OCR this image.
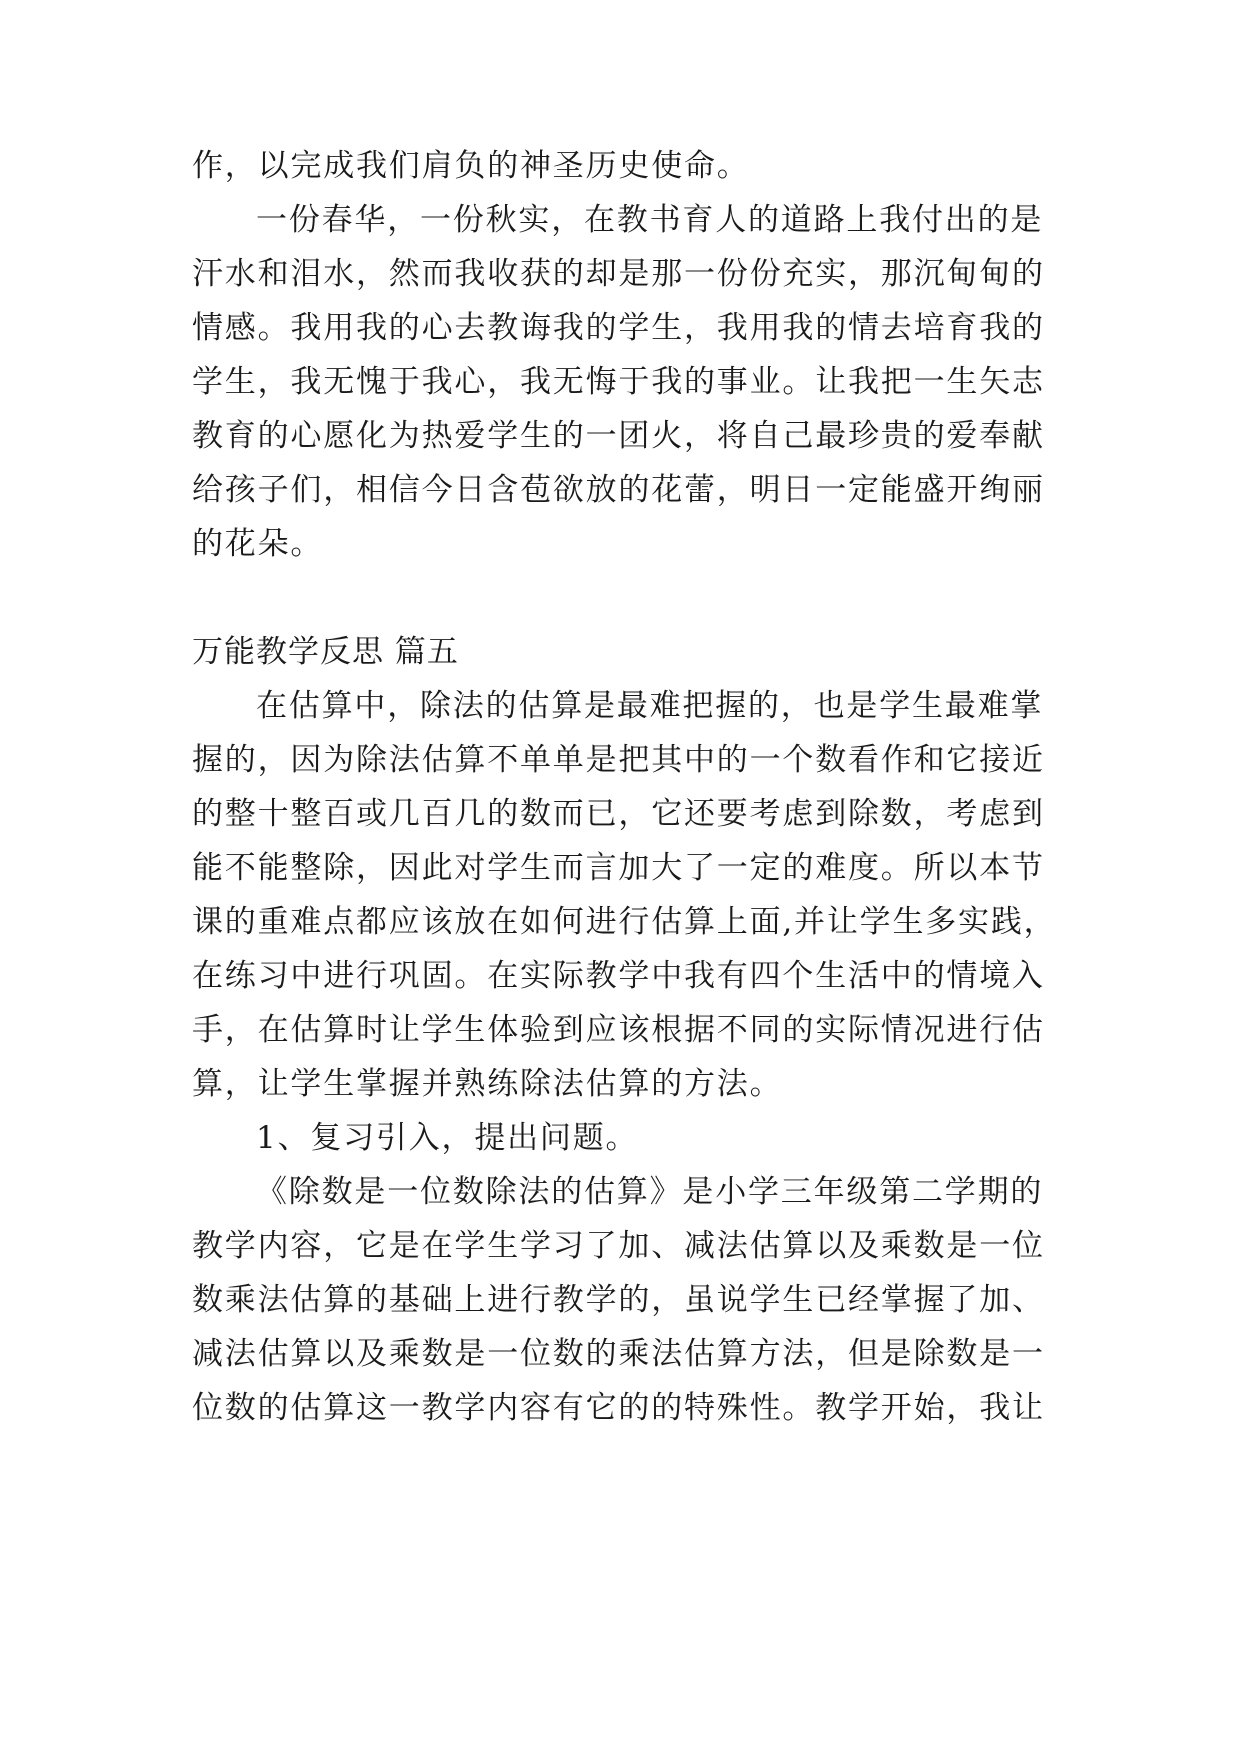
作，以完成我们肩负的神圣历史使命。
一份春华，一份秋实，在教书育人的道路上我付出的是
汗水和泪水，然而我收获的却是那一份份充实，那沉甸甸的
情感。我用我的心去教诲我的学生，我用我的情去培育我的
学生，我无愧于我心，我无悔于我的事业。让我把一生矢志
教育的心愿化为热爱学生的一团火，将自己最珍贵的爱奉献
给孩子们，相信今日含苞欲放的花蕾，明日一定能盛开绚丽
的花朵。
万能教学反思 篇五
在估算中，除法的估算是最难把握的，也是学生最难掌
握的，因为除法估算不单单是把其中的一个数看作和它接近
的整十整百或几百几的数而已，它还要考虑到除数，考虑到
能不能整除，因此对学生而言加大了一定的难度。所以本节
课的重难点都应该放在如何进行估算上面,并让学生多实践，
在练习中进行巩固。在实际教学中我有四个生活中的情境入
手，在估算时让学生体验到应该根据不同的实际情况进行估
算，让学生掌握并熟练除法估算的方法。
1、复习引入，提出问题。
《除数是一位数除法的估算》是小学三年级第二学期的
教学内容，它是在学生学习了加、减法估算以及乘数是一位
数乘法估算的基础上进行教学的，虽说学生已经掌握了加、
减法估算以及乘数是一位数的乘法估算方法，但是除数是一
位数的估算这一教学内容有它的的特殊性。教学开始，我让
